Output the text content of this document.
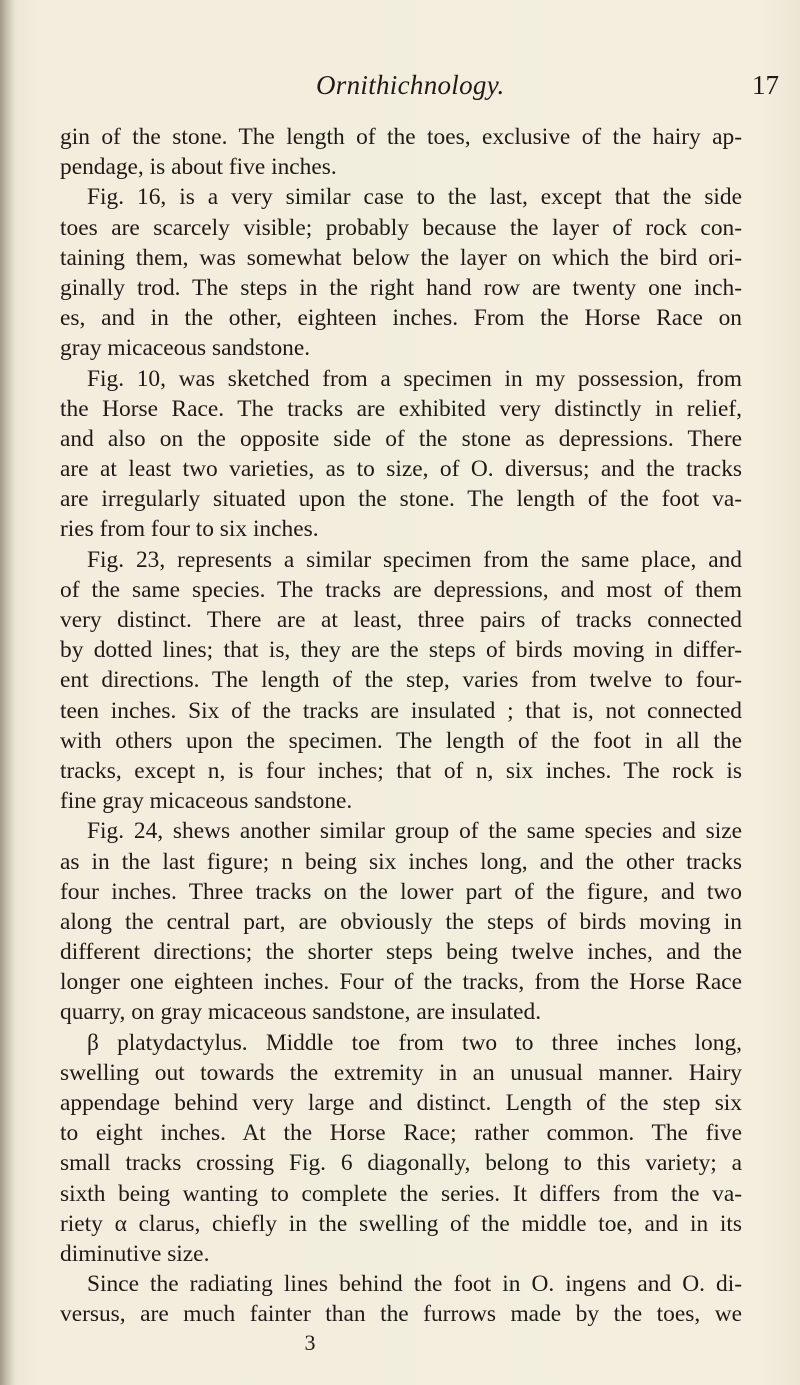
Ornithichnology.	17
gin of the stone. The length of the toes, exclusive of the hairy ap-
pendage, is about five inches.
Fig. 16, is a very similar case to the last, except that the side
toes are scarcely visible; probably because the layer of rock con-
taining them, was somewhat below the layer on which the bird ori-
ginally trod. The steps in the right hand row are twenty one inch-
es, and in the other, eighteen inches. From the Horse Race on
gray micaceous sandstone.
Fig. 10, was sketched from a specimen in my possession, from
the Horse Race. The tracks are exhibited very distinctly in relief,
and also on the opposite side of the stone as depressions. There
are at least two varieties, as to size, of O. diversus; and the tracks
are irregularly situated upon the stone. The length of the foot va-
ries from four to six inches.
Fig. 23, represents a similar specimen from the same place, and
of the same species. The tracks are depressions, and most of them
very distinct. There are at least, three pairs of tracks connected
by dotted lines; that is, they are the steps of birds moving in differ-
ent directions. The length of the step, varies from twelve to four-
teen inches. Six of the tracks are insulated ; that is, not connected
with others upon the specimen. The length of the foot in all the
tracks, except n, is four inches; that of n, six inches. The rock is
fine gray micaceous sandstone.
Fig. 24, shews another similar group of the same species and size
as in the last figure; n being six inches long, and the other tracks
four inches. Three tracks on the lower part of the figure, and two
along the central part, are obviously the steps of birds moving in
different directions; the shorter steps being twelve inches, and the
longer one eighteen inches. Four of the tracks, from the Horse Race
quarry, on gray micaceous sandstone, are insulated.
β platydactylus. Middle toe from two to three inches long,
swelling out towards the extremity in an unusual manner. Hairy
appendage behind very large and distinct. Length of the step six
to eight inches. At the Horse Race; rather common. The five
small tracks crossing Fig. 6 diagonally, belong to this variety; a
sixth being wanting to complete the series. It differs from the va-
riety α clarus, chiefly in the swelling of the middle toe, and in its
diminutive size.
Since the radiating lines behind the foot in O. ingens and O. di-
versus, are much fainter than the furrows made by the toes, we
3
